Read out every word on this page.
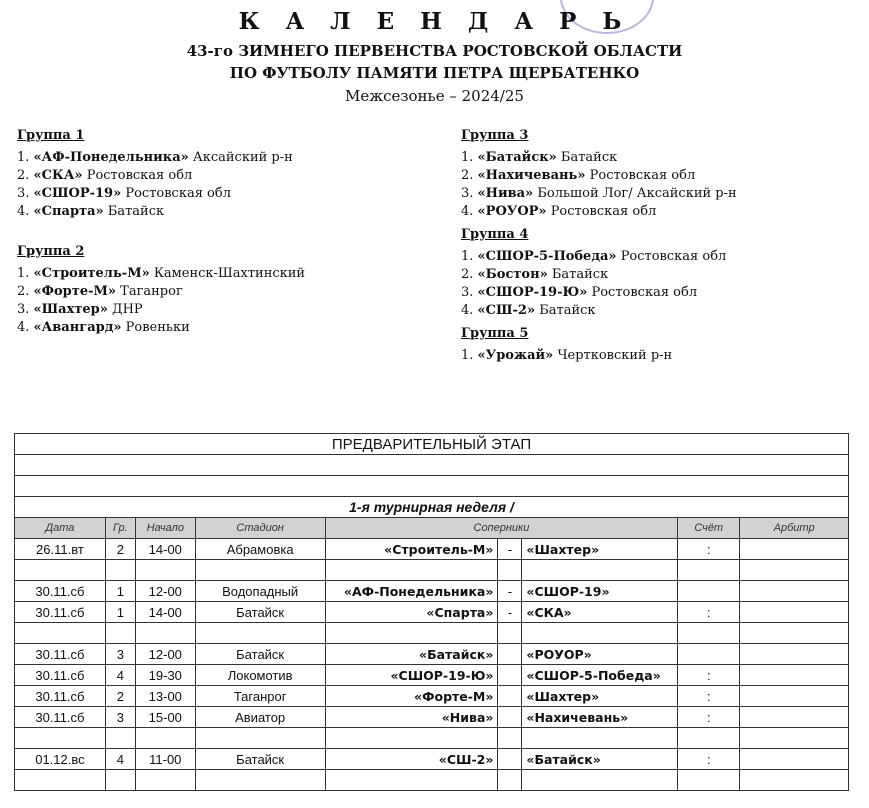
К А Л Е Н Д А Р Ь
43-го ЗИМНЕГО ПЕРВЕНСТВА РОСТОВСКОЙ ОБЛАСТИ
ПО ФУТБОЛУ ПАМЯТИ ПЕТРА ЩЕРБАТЕНКО
Межсезонье – 2024/25
Группа 1
1. «АФ-Понедельника» Аксайский р-н
2. «СКА» Ростовская обл
3. «СШОР-19» Ростовская обл
4. «Спарта» Батайск
Группа 2
1. «Строитель-М» Каменск-Шахтинский
2. «Форте-М» Таганрог
3. «Шахтер» ДНР
4. «Авангард» Ровеньки
Группа 3
1. «Батайск» Батайск
2. «Нахичевань» Ростовская обл
3. «Нива» Большой Лог/ Аксайский р-н
4. «РОУОР» Ростовская обл
Группа 4
1. «СШОР-5-Победа» Ростовская обл
2. «Бостон» Батайск
3. «СШОР-19-Ю» Ростовская обл
4. «СШ-2» Батайск
Группа 5
1. «Урожай» Чертковский р-н
ПРЕДВАРИТЕЛЬНЫЙ ЭТАП								

1-я турнирная неделя /								
Дата	Гр.	Начало	Стадион	Соперники			Счёт	Арбитр
26.11.вт	2	14-00	Абрамовка	«Строитель-М»	-	«Шахтер»	:	

30.11.сб	1	12-00	Водопадный	«АФ-Понедельника»	-	«СШОР-19»		
30.11.сб	1	14-00	Батайск	«Спарта»	-	«СКА»	:	

30.11.сб	3	12-00	Батайск	«Батайск»		«РОУОР»		
30.11.сб	4	19-30	Локомотив	«СШОР-19-Ю»		«СШОР-5-Победа»	:	
30.11.сб	2	13-00	Таганрог	«Форте-М»		«Шахтер»	:	
30.11.сб	3	15-00	Авиатор	«Нива»		«Нахичевань»	:	

01.12.вс	4	11-00	Батайск	«СШ-2»		«Батайск»	:	
